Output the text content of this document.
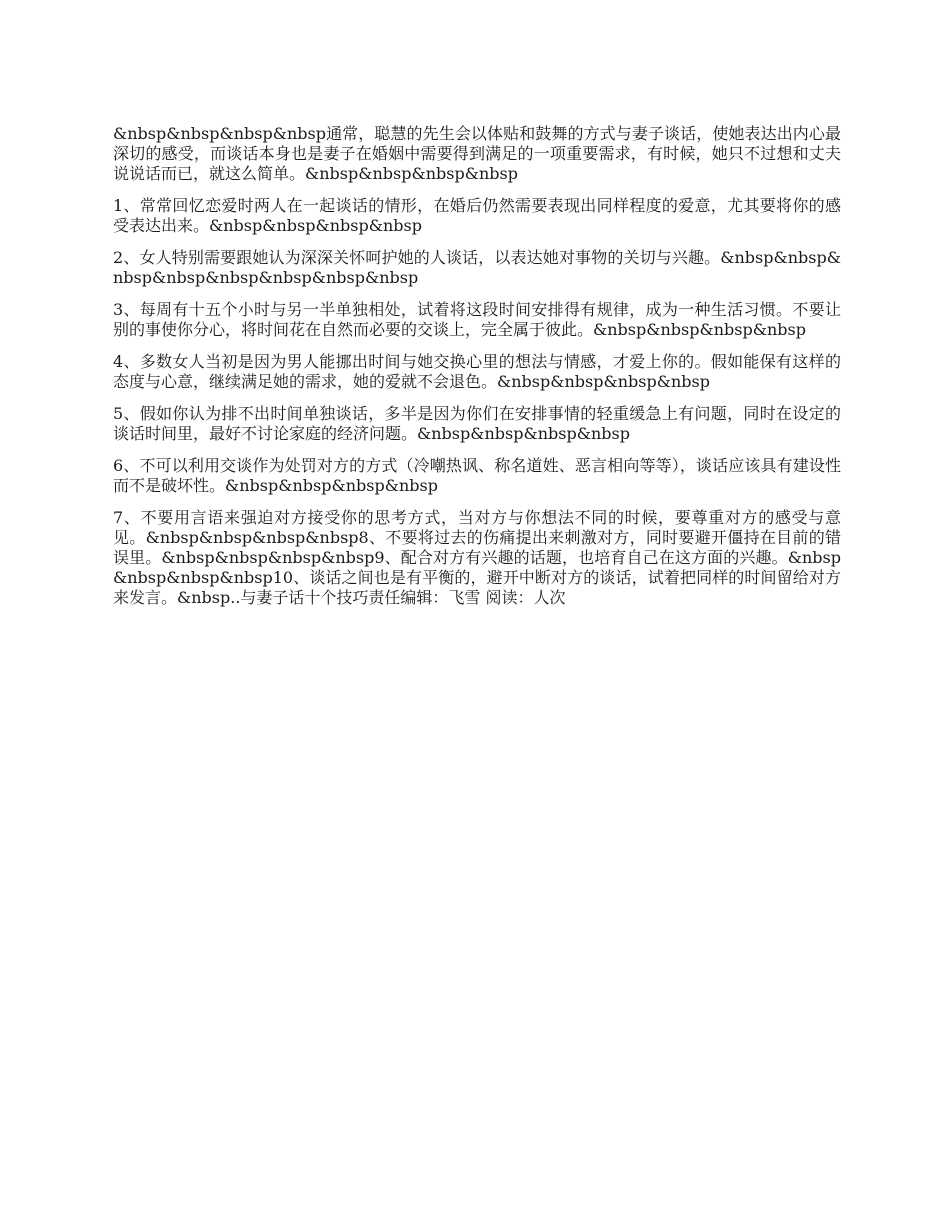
&nbsp&nbsp&nbsp&nbsp通常，聪慧的先生会以体贴和鼓舞的方式与妻子谈话，使她表达出内心最深切的感受，而谈话本身也是妻子在婚姻中需要得到满足的一项重要需求，有时候，她只不过想和丈夫说说话而已，就这么简单。&nbsp&nbsp&nbsp&nbsp

1、常常回忆恋爱时两人在一起谈话的情形，在婚后仍然需要表现出同样程度的爱意，尤其要将你的感受表达出来。&nbsp&nbsp&nbsp&nbsp

2、女人特别需要跟她认为深深关怀呵护她的人谈话，以表达她对事物的关切与兴趣。&nbsp&nbsp&nbsp&nbsp&nbsp&nbsp&nbsp&nbsp

3、每周有十五个小时与另一半单独相处，试着将这段时间安排得有规律，成为一种生活习惯。不要让别的事使你分心，将时间花在自然而必要的交谈上，完全属于彼此。&nbsp&nbsp&nbsp&nbsp

4、多数女人当初是因为男人能挪出时间与她交换心里的想法与情感，才爱上你的。假如能保有这样的态度与心意，继续满足她的需求，她的爱就不会退色。&nbsp&nbsp&nbsp&nbsp

5、假如你认为排不出时间单独谈话，多半是因为你们在安排事情的轻重缓急上有问题，同时在设定的谈话时间里，最好不讨论家庭的经济问题。&nbsp&nbsp&nbsp&nbsp

6、不可以利用交谈作为处罚对方的方式（冷嘲热讽、称名道姓、恶言相向等等），谈话应该具有建设性而不是破坏性。&nbsp&nbsp&nbsp&nbsp

7、不要用言语来强迫对方接受你的思考方式，当对方与你想法不同的时候，要尊重对方的感受与意见。&nbsp&nbsp&nbsp&nbsp8、不要将过去的伤痛提出来刺激对方，同时要避开僵持在目前的错误里。&nbsp&nbsp&nbsp&nbsp9、配合对方有兴趣的话题，也培育自己在这方面的兴趣。&nbsp&nbsp&nbsp&nbsp10、谈话之间也是有平衡的，避开中断对方的谈话，试着把同样的时间留给对方来发言。&nbsp..与妻子话十个技巧责任编辑：飞雪 阅读：人次
